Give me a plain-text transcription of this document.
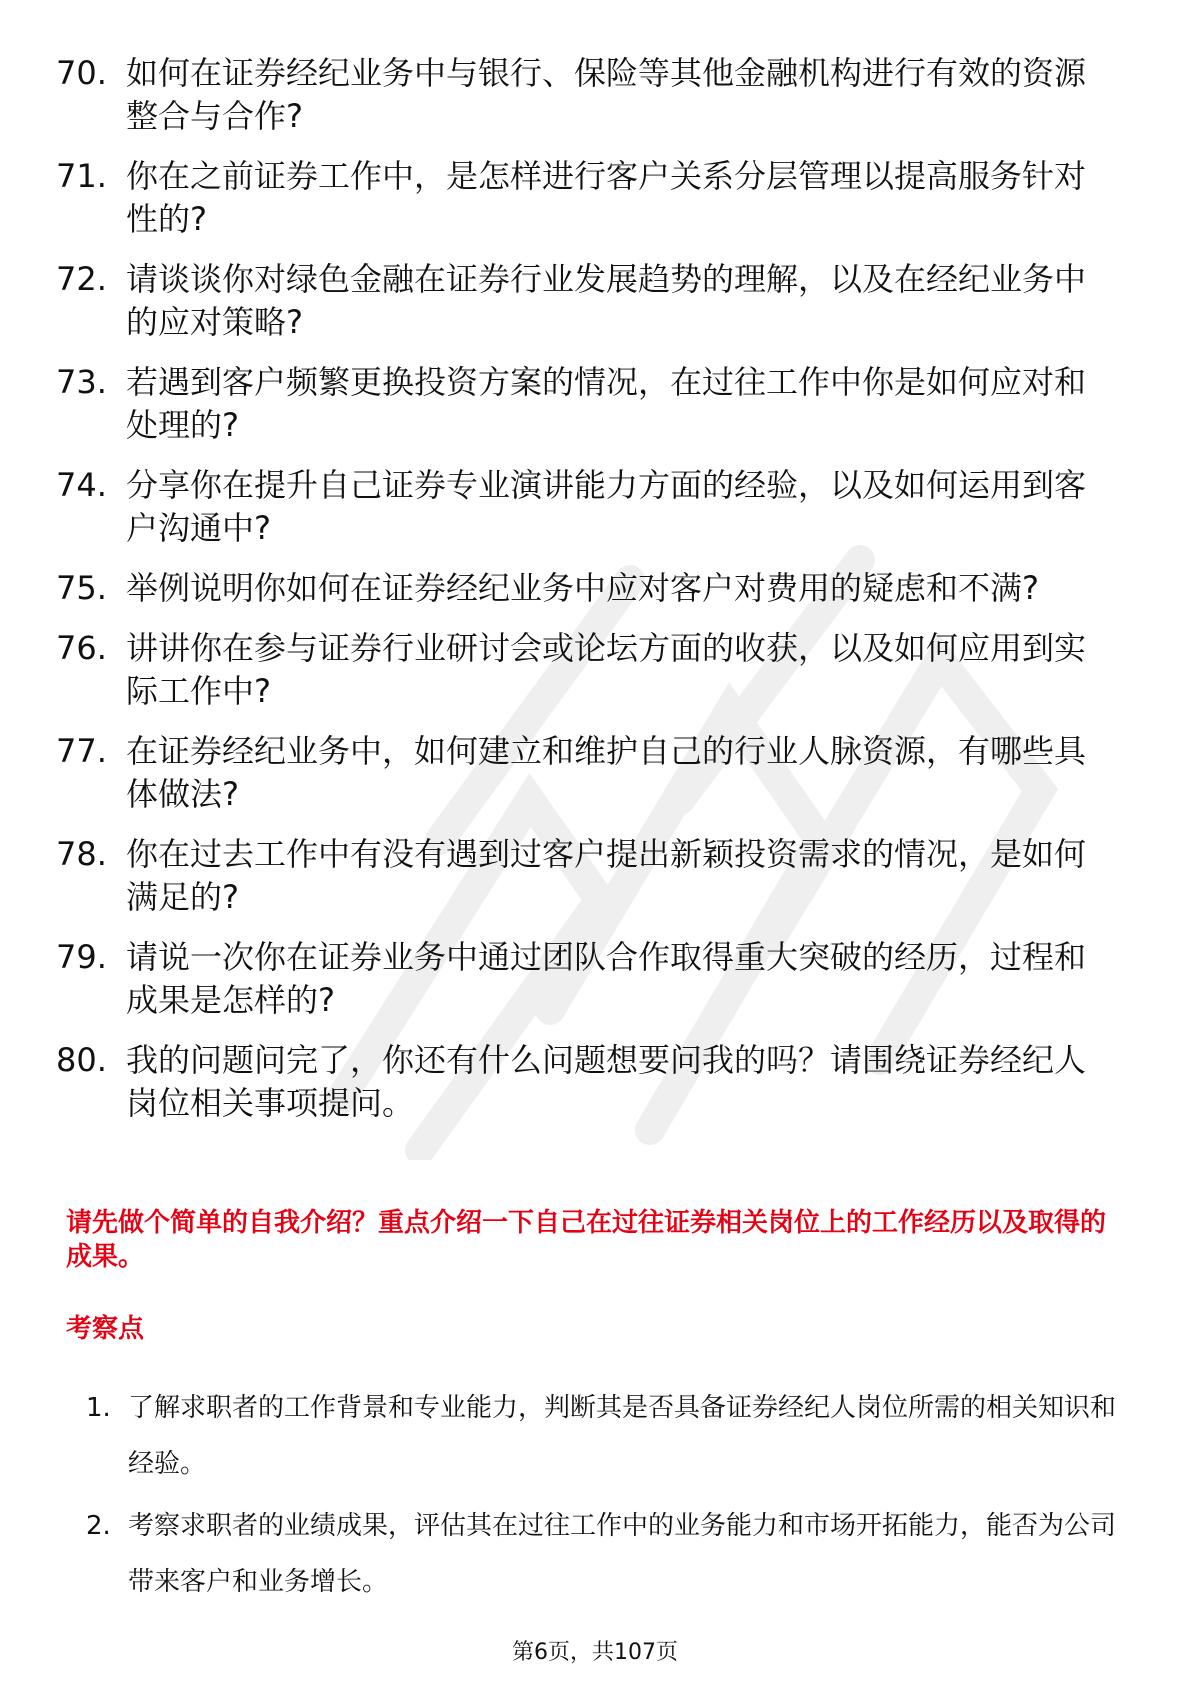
70. 如何在证券经纪业务中与银行、保险等其他金融机构进行有效的资源整合与合作?
71. 你在之前证券工作中，是怎样进行客户关系分层管理以提高服务针对性的?
72. 请谈谈你对绿色金融在证券行业发展趋势的理解，以及在经纪业务中的应对策略?
73. 若遇到客户频繁更换投资方案的情况，在过往工作中你是如何应对和处理的?
74. 分享你在提升自己证券专业演讲能力方面的经验，以及如何运用到客户沟通中?
75. 举例说明你如何在证券经纪业务中应对客户对费用的疑虑和不满?
76. 讲讲你在参与证券行业研讨会或论坛方面的收获，以及如何应用到实际工作中?
77. 在证券经纪业务中，如何建立和维护自己的行业人脉资源，有哪些具体做法?
78. 你在过去工作中有没有遇到过客户提出新颖投资需求的情况，是如何满足的?
79. 请说一次你在证券业务中通过团队合作取得重大突破的经历，过程和成果是怎样的?
80. 我的问题问完了，你还有什么问题想要问我的吗？请围绕证券经纪人岗位相关事项提问。

请先做个简单的自我介绍？重点介绍一下自己在过往证券相关岗位上的工作经历以及取得的成果。

考察点
1. 了解求职者的工作背景和专业能力，判断其是否具备证券经纪人岗位所需的相关知识和经验。
2. 考察求职者的业绩成果，评估其在过往工作中的业务能力和市场开拓能力，能否为公司带来客户和业务增长。
第6页，共107页
